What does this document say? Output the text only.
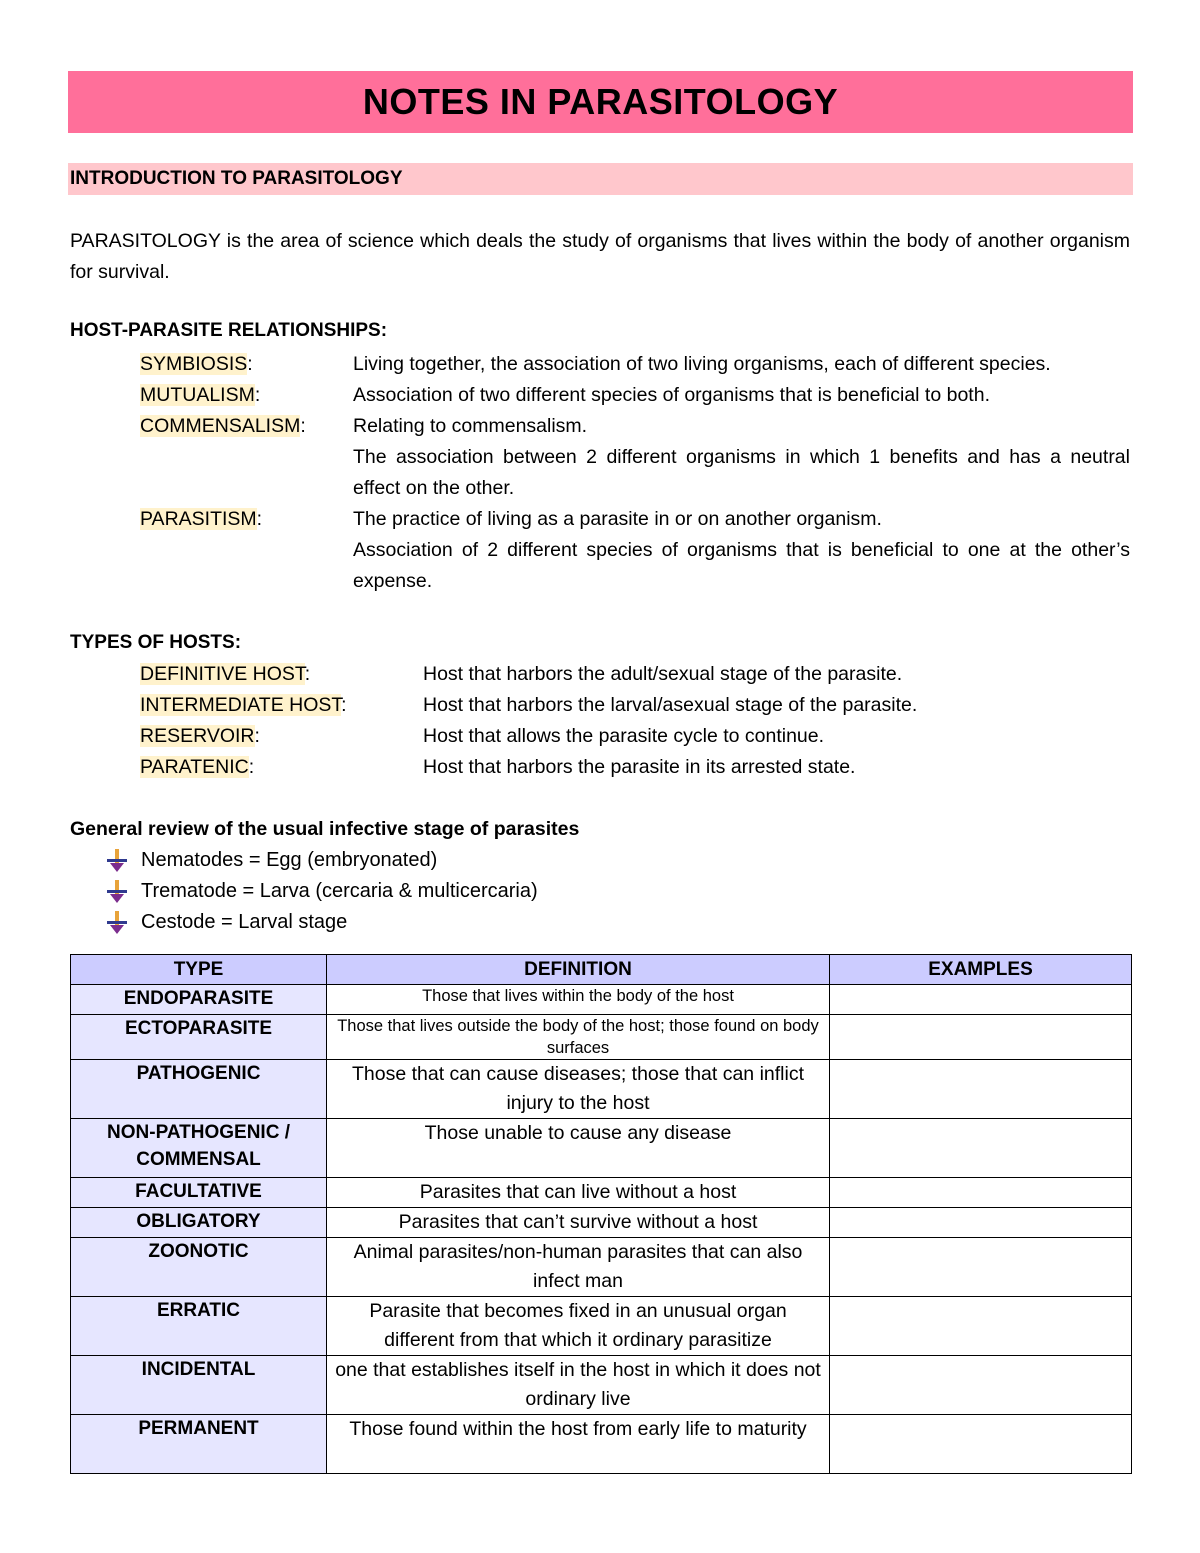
NOTES IN PARASITOLOGY
INTRODUCTION TO PARASITOLOGY

PARASITOLOGY is the area of science which deals the study of organisms that lives within the body of another organism for survival.

HOST-PARASITE RELATIONSHIPS:

SYMBIOSIS:	Living together, the association of two living organisms, each of different species.
MUTUALISM:	Association of two different species of organisms that is beneficial to both.
COMMENSALISM: Relating to commensalism.
The association between 2 different organisms in which 1 benefits and has a neutral effect on the other.
PARASITISM:	The practice of living as a parasite in or on another organism.
Association of 2 different species of organisms that is beneficial to one at the other’s expense.

TYPES OF HOSTS:

DEFINITIVE HOST:	Host that harbors the adult/sexual stage of the parasite.
INTERMEDIATE HOST:	Host that harbors the larval/asexual stage of the parasite.
RESERVOIR:	Host that allows the parasite cycle to continue.
PARATENIC:	Host that harbors the parasite in its arrested state.

General review of the usual infective stage of parasites

Nematodes = Egg (embryonated)
Trematode = Larva (cercaria & multicercaria)
Cestode = Larval stage
TYPE	DEFINITION	EXAMPLES
ENDOPARASITE	Those that lives within the body of the host	
ECTOPARASITE	Those that lives outside the body of the host; those found on body surfaces	
PATHOGENIC	Those that can cause diseases; those that can inflict injury to the host	
NON-PATHOGENIC / COMMENSAL	Those unable to cause any disease	
FACULTATIVE	Parasites that can live without a host	
OBLIGATORY	Parasites that can’t survive without a host	
ZOONOTIC	Animal parasites/non-human parasites that can also infect man	
ERRATIC	Parasite that becomes fixed in an unusual organ different from that which it ordinary parasitize	
INCIDENTAL	one that establishes itself in the host in which it does not ordinary live	
PERMANENT	Those found within the host from early life to maturity	
